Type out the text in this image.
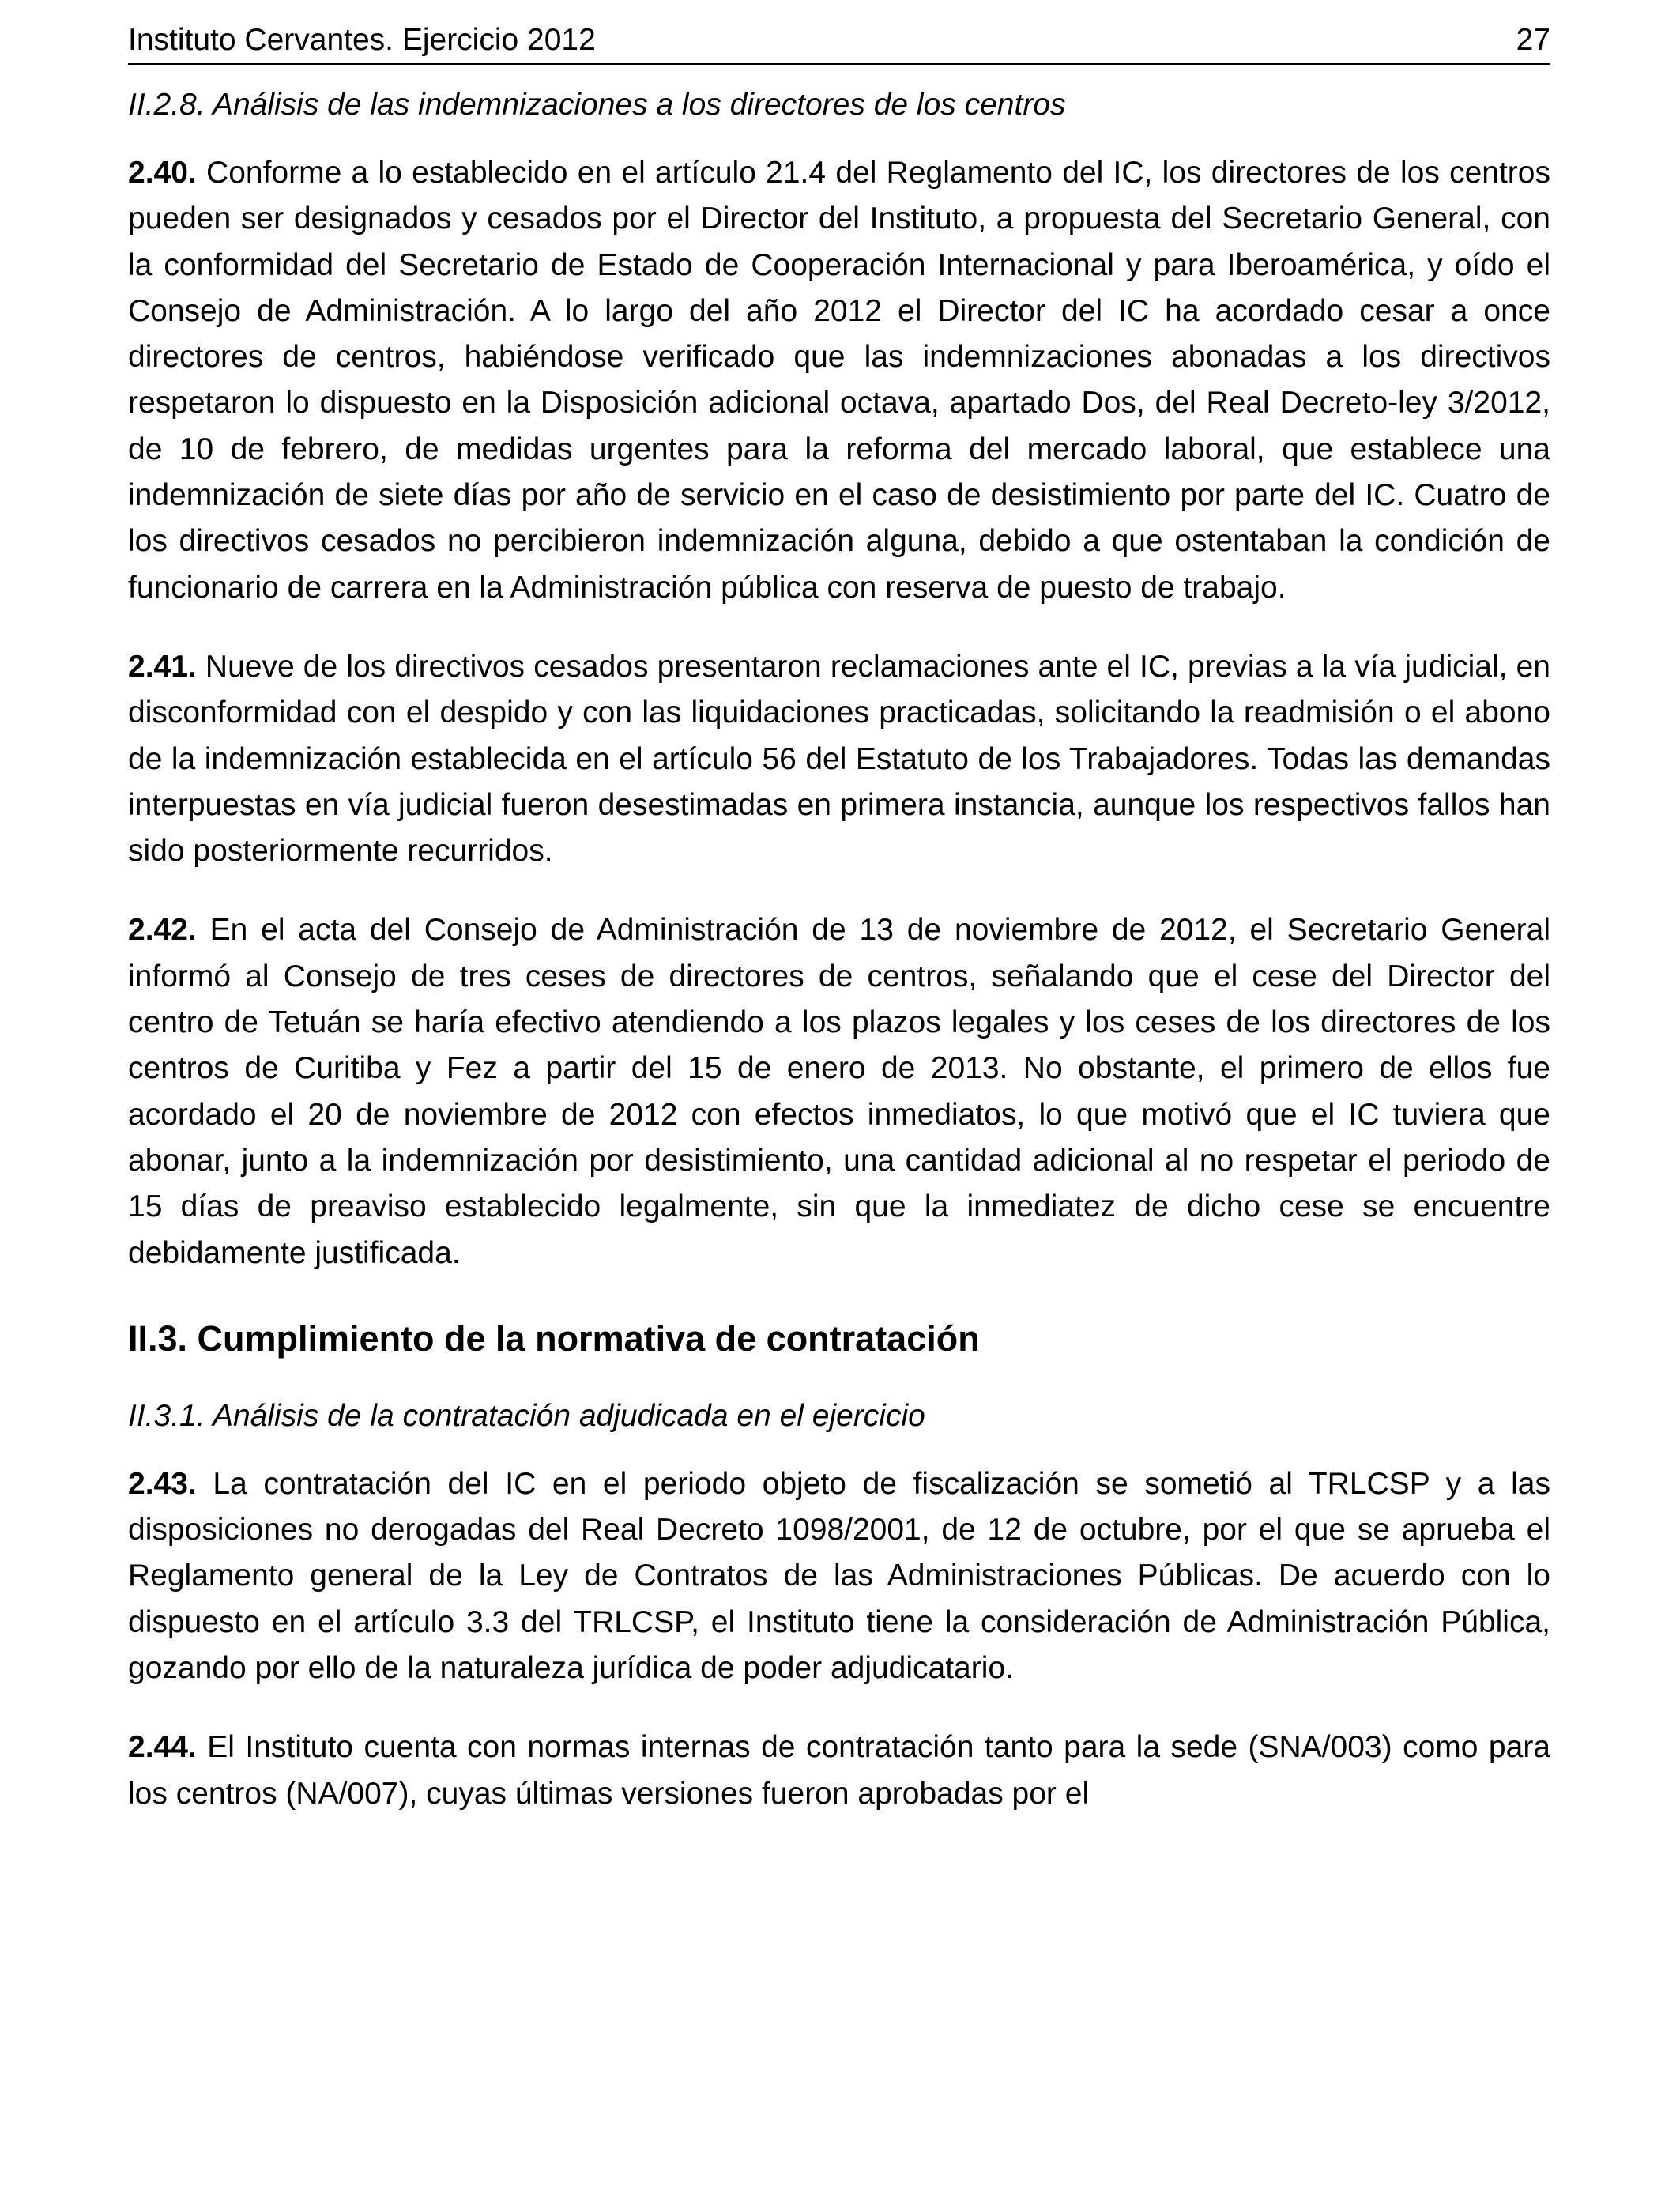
Instituto Cervantes. Ejercicio 2012	27
II.2.8. Análisis de las indemnizaciones a los directores de los centros

2.40. Conforme a lo establecido en el artículo 21.4 del Reglamento del IC, los directores de los centros pueden ser designados y cesados por el Director del Instituto, a propuesta del Secretario General, con la conformidad del Secretario de Estado de Cooperación Internacional y para Iberoamérica, y oído el Consejo de Administración. A lo largo del año 2012 el Director del IC ha acordado cesar a once directores de centros, habiéndose verificado que las indemnizaciones abonadas a los directivos respetaron lo dispuesto en la Disposición adicional octava, apartado Dos, del Real Decreto-ley 3/2012, de 10 de febrero, de medidas urgentes para la reforma del mercado laboral, que establece una indemnización de siete días por año de servicio en el caso de desistimiento por parte del IC. Cuatro de los directivos cesados no percibieron indemnización alguna, debido a que ostentaban la condición de funcionario de carrera en la Administración pública con reserva de puesto de trabajo.

2.41. Nueve de los directivos cesados presentaron reclamaciones ante el IC, previas a la vía judicial, en disconformidad con el despido y con las liquidaciones practicadas, solicitando la readmisión o el abono de la indemnización establecida en el artículo 56 del Estatuto de los Trabajadores. Todas las demandas interpuestas en vía judicial fueron desestimadas en primera instancia, aunque los respectivos fallos han sido posteriormente recurridos.

2.42. En el acta del Consejo de Administración de 13 de noviembre de 2012, el Secretario General informó al Consejo de tres ceses de directores de centros, señalando que el cese del Director del centro de Tetuán se haría efectivo atendiendo a los plazos legales y los ceses de los directores de los centros de Curitiba y Fez a partir del 15 de enero de 2013. No obstante, el primero de ellos fue acordado el 20 de noviembre de 2012 con efectos inmediatos, lo que motivó que el IC tuviera que abonar, junto a la indemnización por desistimiento, una cantidad adicional al no respetar el periodo de 15 días de preaviso establecido legalmente, sin que la inmediatez de dicho cese se encuentre debidamente justificada.

II.3. Cumplimiento de la normativa de contratación
II.3.1. Análisis de la contratación adjudicada en el ejercicio

2.43. La contratación del IC en el periodo objeto de fiscalización se sometió al TRLCSP y a las disposiciones no derogadas del Real Decreto 1098/2001, de 12 de octubre, por el que se aprueba el Reglamento general de la Ley de Contratos de las Administraciones Públicas. De acuerdo con lo dispuesto en el artículo 3.3 del TRLCSP, el Instituto tiene la consideración de Administración Pública, gozando por ello de la naturaleza jurídica de poder adjudicatario.

2.44. El Instituto cuenta con normas internas de contratación tanto para la sede (SNA/003) como para los centros (NA/007), cuyas últimas versiones fueron aprobadas por el
